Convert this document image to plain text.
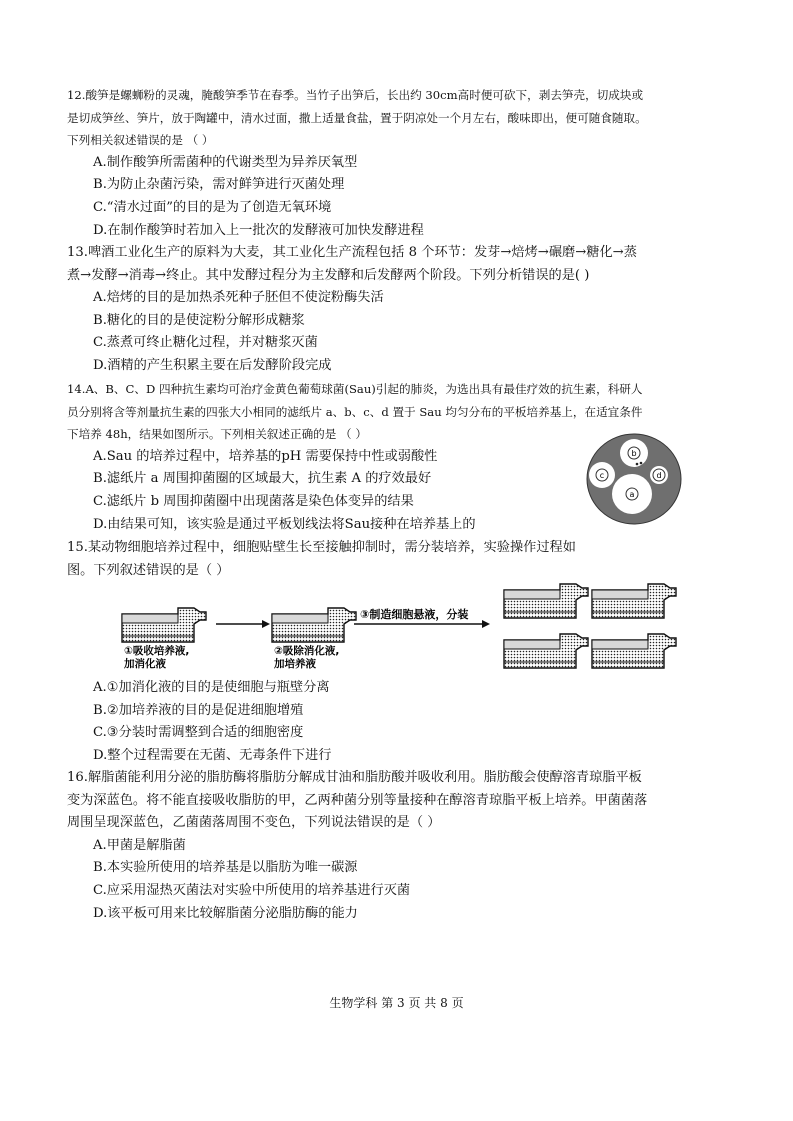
12.酸笋是螺蛳粉的灵魂，腌酸笋季节在春季。当竹子出笋后，长出约 30cm高时便可砍下，剥去笋壳，切成块或
是切成笋丝、笋片，放于陶罐中，清水过面，撒上适量食盐，置于阴凉处一个月左右，酸味即出，便可随食随取。
下列相关叙述错误的是 （ ）
A.制作酸笋所需菌种的代谢类型为异养厌氧型
B.为防止杂菌污染，需对鲜笋进行灭菌处理
C.“清水过面”的目的是为了创造无氧环境
D.在制作酸笋时若加入上一批次的发酵液可加快发酵进程
13.啤酒工业化生产的原料为大麦，其工业化生产流程包括 8 个环节：发芽→焙烤→碾磨→糖化→蒸
煮→发酵→消毒→终止。其中发酵过程分为主发酵和后发酵两个阶段。下列分析错误的是( )
A.焙烤的目的是加热杀死种子胚但不使淀粉酶失活
B.糖化的目的是使淀粉分解形成糖浆
C.蒸煮可终止糖化过程，并对糖浆灭菌
D.酒精的产生积累主要在后发酵阶段完成
14.A、B、C、D 四种抗生素均可治疗金黄色葡萄球菌(Sau)引起的肺炎，为选出具有最佳疗效的抗生素，科研人
员分别将含等剂量抗生素的四张大小相同的滤纸片 a、b、c、d 置于 Sau 均匀分布的平板培养基上，在适宜条件
下培养 48h，结果如图所示。下列相关叙述正确的是 （ ）
A.Sau 的培养过程中，培养基的pH 需要保持中性或弱酸性
B.滤纸片 a 周围抑菌圈的区域最大，抗生素 A 的疗效最好
C.滤纸片 b 周围抑菌圈中出现菌落是染色体变异的结果
D.由结果可知，该实验是通过平板划线法将Sau接种在培养基上的
b
c	d
a
15.某动物细胞培养过程中，细胞贴壁生长至接触抑制时，需分装培养，实验操作过程如
图。下列叙述错误的是（ ）
③制造细胞悬液，分装
①吸收培养液,
加消化液
②吸除消化液,
加培养液
A.①加消化液的目的是使细胞与瓶壁分离
B.②加培养液的目的是促进细胞增殖
C.③分装时需调整到合适的细胞密度
D.整个过程需要在无菌、无毒条件下进行
16.解脂菌能利用分泌的脂肪酶将脂肪分解成甘油和脂肪酸并吸收利用。脂肪酸会使醇溶青琼脂平板
变为深蓝色。将不能直接吸收脂肪的甲，乙两种菌分别等量接种在醇溶青琼脂平板上培养。甲菌菌落
周围呈现深蓝色，乙菌菌落周围不变色，下列说法错误的是（ ）
A.甲菌是解脂菌
B.本实验所使用的培养基是以脂肪为唯一碳源
C.应采用湿热灭菌法对实验中所使用的培养基进行灭菌
D.该平板可用来比较解脂菌分泌脂肪酶的能力
生物学科 第 3 页 共 8 页
